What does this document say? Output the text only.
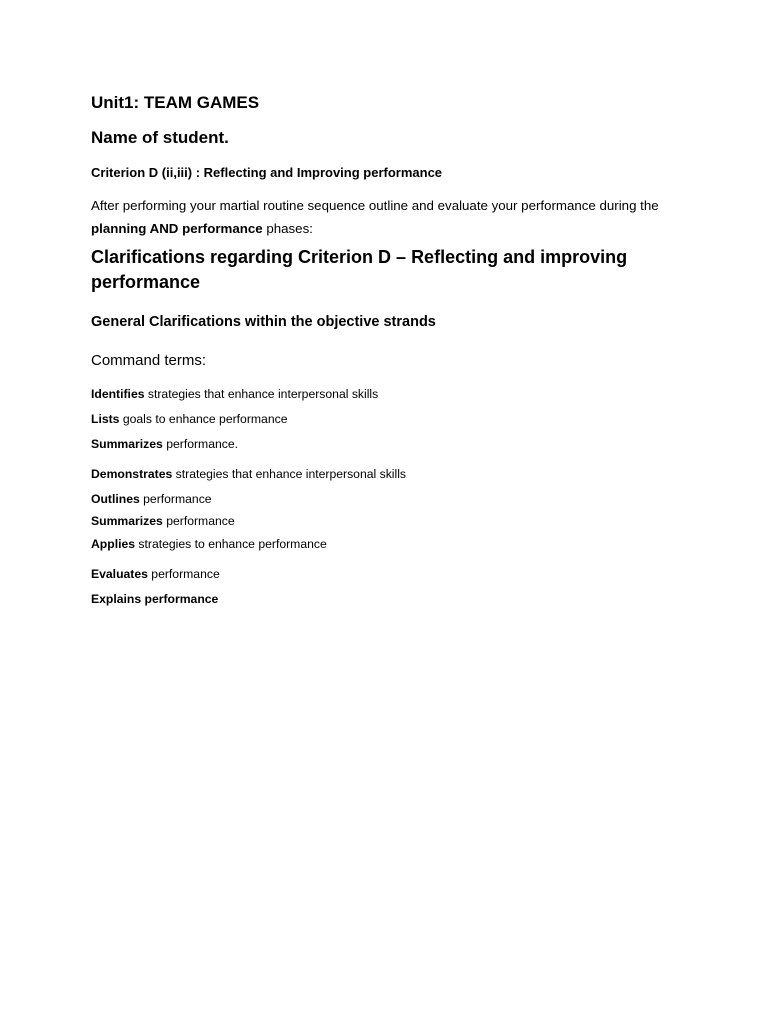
Unit1: TEAM GAMES
Name of student.
Criterion D (ii,iii) : Reflecting and Improving performance
After performing your martial routine sequence outline and evaluate your performance during the planning AND performance phases:
Clarifications regarding Criterion D – Reflecting and improving performance
General Clarifications within the objective strands
Command terms:
Identifies strategies that enhance interpersonal skills
Lists goals to enhance performance
Summarizes performance.
Demonstrates strategies that enhance interpersonal skills
Outlines performance
Summarizes performance
Applies strategies to enhance performance
Evaluates performance
Explains performance
